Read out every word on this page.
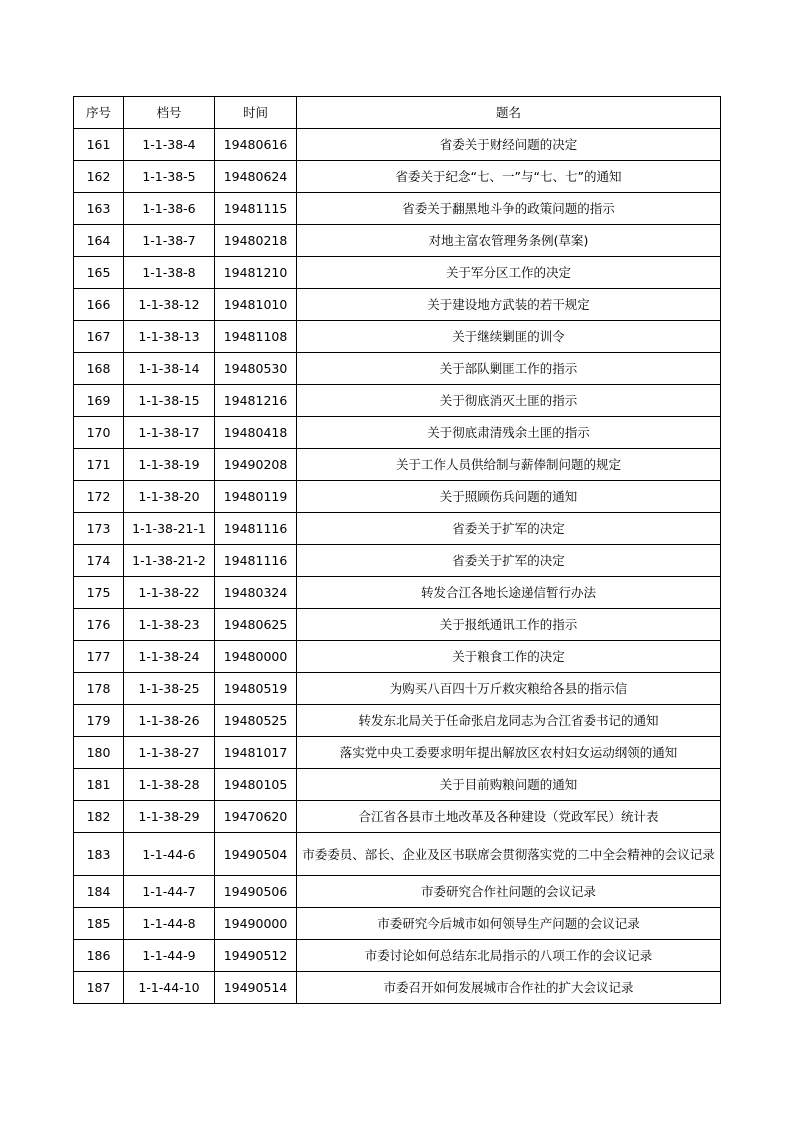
序号	档号	时间	题名
161	1-1-38-4	19480616	省委关于财经问题的决定
162	1-1-38-5	19480624	省委关于纪念“七、一”与“七、七”的通知
163	1-1-38-6	19481115	省委关于翻黑地斗争的政策问题的指示
164	1-1-38-7	19480218	对地主富农管理务条例(草案)
165	1-1-38-8	19481210	关于军分区工作的决定
166	1-1-38-12	19481010	关于建设地方武装的若干规定
167	1-1-38-13	19481108	关于继续剿匪的训令
168	1-1-38-14	19480530	关于部队剿匪工作的指示
169	1-1-38-15	19481216	关于彻底消灭土匪的指示
170	1-1-38-17	19480418	关于彻底肃清残余土匪的指示
171	1-1-38-19	19490208	关于工作人员供给制与薪俸制问题的规定
172	1-1-38-20	19480119	关于照顾伤兵问题的通知
173	1-1-38-21-1	19481116	省委关于扩军的决定
174	1-1-38-21-2	19481116	省委关于扩军的决定
175	1-1-38-22	19480324	转发合江各地长途递信暂行办法
176	1-1-38-23	19480625	关于报纸通讯工作的指示
177	1-1-38-24	19480000	关于粮食工作的决定
178	1-1-38-25	19480519	为购买八百四十万斤救灾粮给各县的指示信
179	1-1-38-26	19480525	转发东北局关于任命张启龙同志为合江省委书记的通知
180	1-1-38-27	19481017	落实党中央工委要求明年提出解放区农村妇女运动纲领的通知
181	1-1-38-28	19480105	关于目前购粮问题的通知
182	1-1-38-29	19470620	合江省各县市土地改革及各种建设（党政军民）统计表
183	1-1-44-6	19490504	市委委员、部长、企业及区书联席会贯彻落实党的二中全会精神的会议记录
184	1-1-44-7	19490506	市委研究合作社问题的会议记录
185	1-1-44-8	19490000	市委研究今后城市如何领导生产问题的会议记录
186	1-1-44-9	19490512	市委讨论如何总结东北局指示的八项工作的会议记录
187	1-1-44-10	19490514	市委召开如何发展城市合作社的扩大会议记录
